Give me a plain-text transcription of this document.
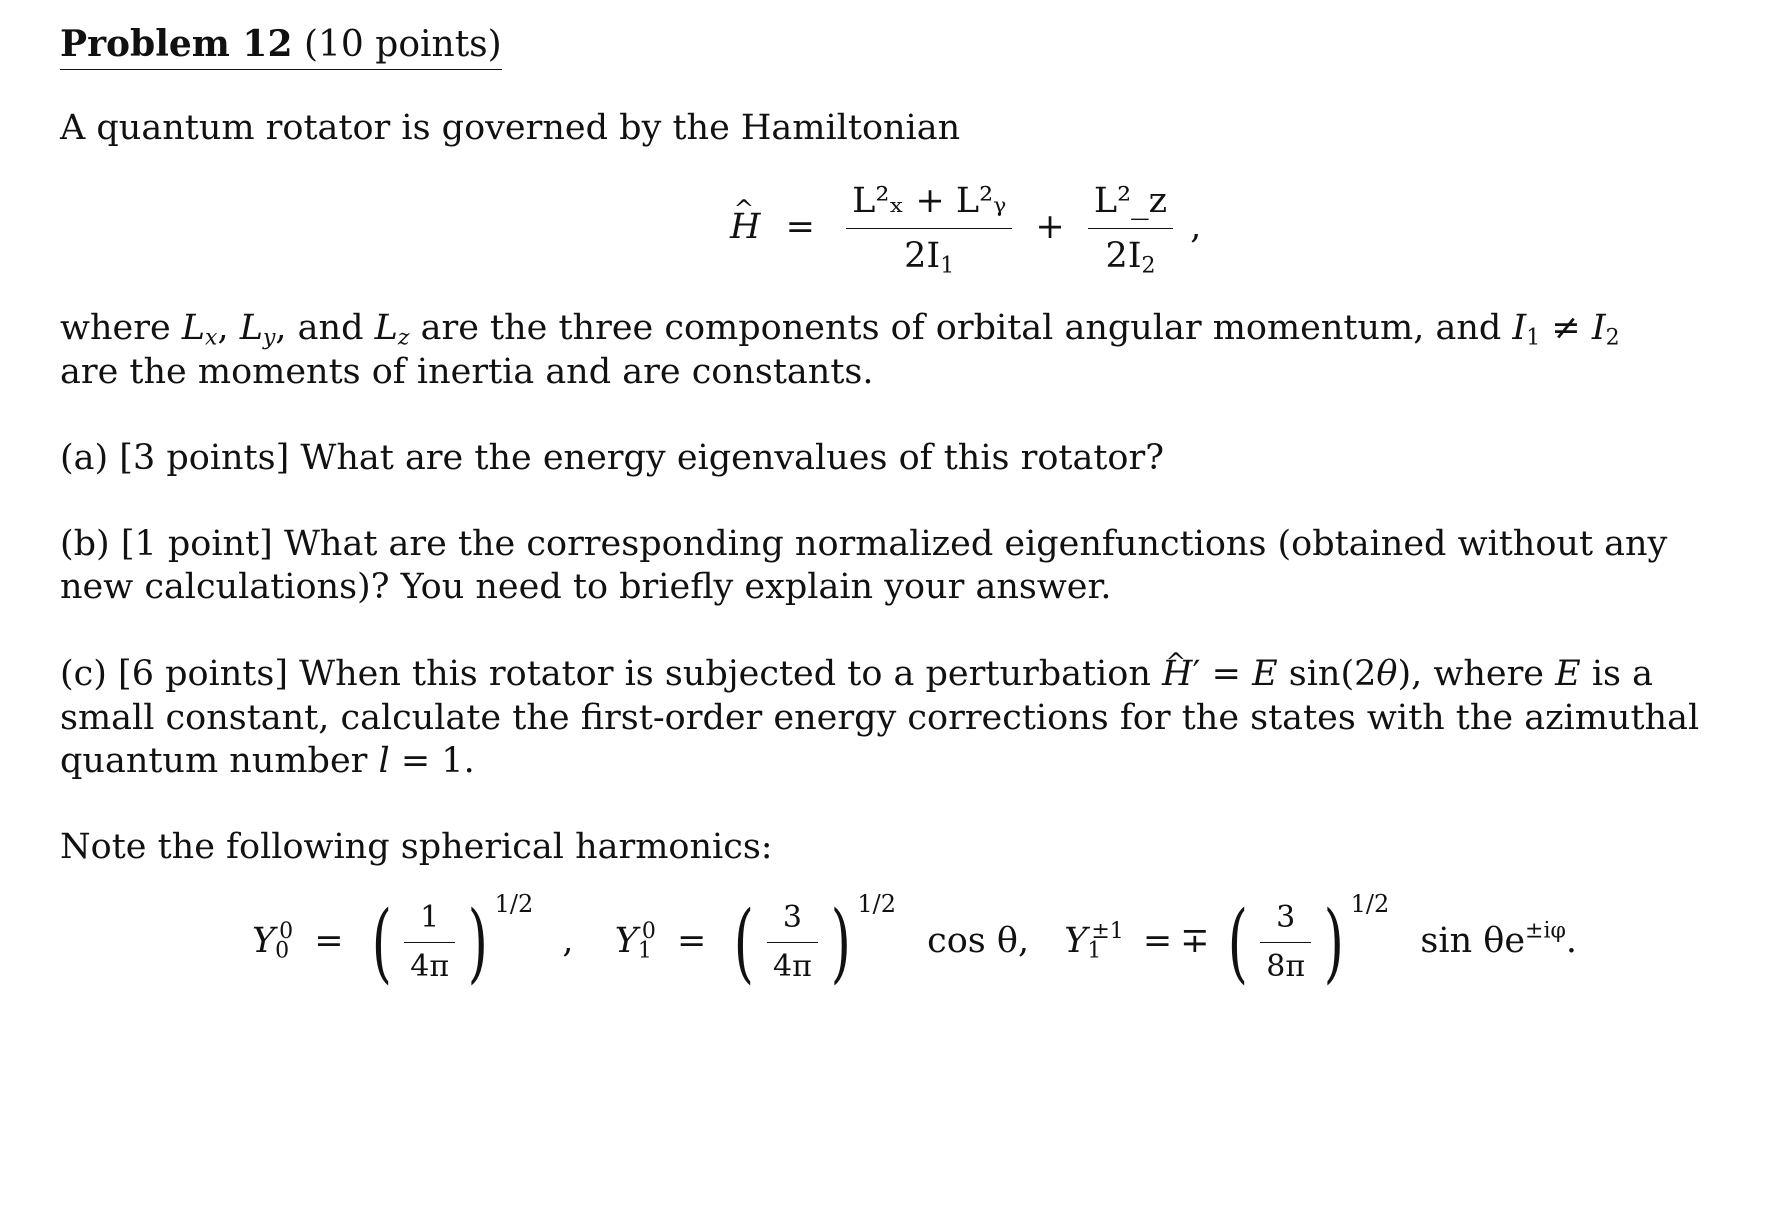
Problem 12 (10 points)
A quantum rotator is governed by the Hamiltonian
^ $H = \frac{\text{L²ₓ + L²ᵧ}}{2I_1} + \frac{\text{L²\_z}}{2I_2}$ ,
where $L_x$, $L_y$, and $L_z$ are the three components of orbital angular momentum, and $I_1 \ne I_2$
are the moments of inertia and are constants.
(a) [3 points] What are the energy eigenvalues of this rotator?
(b) [1 point] What are the corresponding normalized eigenfunctions (obtained without any
new calculations)? You need to briefly explain your answer.
(c) [6 points] When this rotator is subjected to a perturbation ^ H′ = E sin(2θ), where E is a
small constant, calculate the first-order energy corrections for the states with the azimuthal
quantum number l = 1.
Note the following spherical harmonics:
$Y_0^0$ = ( $\frac{1}{4\pi}$ ) 1/2 , $Y_1^0$ = ( $\frac{3}{4\pi}$ ) 1/2 cos θ, $Y_1^{\pm 1}$ = ∓ ( $\frac{3}{8\pi}$ ) 1/2 $\sin \theta e^{\pm i\varphi}$.
